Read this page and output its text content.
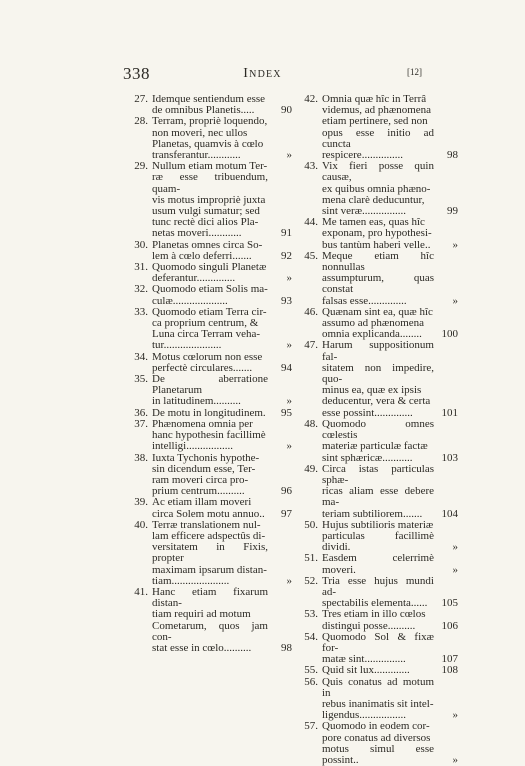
338	Index	[12]
27. Idemque sentiendum esse
de omnibus Planetis.....	90
28. Terram, propriè loquendo,
non moveri, nec ullos
Planetas, quamvis à cœlo
transferantur............	»
29. Nullum etiam motum Ter-
ræ esse tribuendum, quam-
vis motus impropriè juxta
usum vulgi sumatur; sed
tunc rectè dici alios Pla-
netas moveri............	91
30. Planetas omnes circa So-
lem à cœlo deferri.......	92
31. Quomodo singuli Planetæ
deferantur..............	»
32. Quomodo etiam Solis ma-
culæ....................	93
33. Quomodo etiam Terra cir-
ca proprium centrum, &
Luna circa Terram veha-
tur.....................	»
34. Motus cœlorum non esse
perfectè circulares.......	94
35. De aberratione Planetarum
in latitudinem..........	»
36. De motu in longitudinem.	95
37. Phænomena omnia per
hanc hypothesin facillimè
intelligi.................	»
38. Iuxta Tychonis hypothe-
sin dicendum esse, Ter-
ram moveri circa pro-
prium centrum..........	96
39. Ac etiam illam moveri
circa Solem motu annuo..	97
40. Terræ translationem nul-
lam efficere adspectûs di-
versitatem in Fixis, propter
maximam ipsarum distan-
tiam.....................	»
41. Hanc etiam fixarum distan-
tiam requiri ad motum
Cometarum, quos jam con-
stat esse in cœlo..........	98
42. Omnia quæ hîc in Terrâ
videmus, ad phænomena
etiam pertinere, sed non
opus esse initio ad cuncta
respicere...............	98
43. Vix fieri posse quin causæ,
ex quibus omnia phæno-
mena clarè deducuntur,
sint veræ................	99
44. Me tamen eas, quas hîc
exponam, pro hypothesi-
bus tantùm haberi velle..	»
45. Meque etiam hîc nonnullas
assumpturum, quas constat
falsas esse..............	»
46. Quænam sint ea, quæ hîc
assumo ad phænomena
omnia explicanda........	100
47. Harum suppositionum fal-
sitatem non impedire, quo-
minus ea, quæ ex ipsis
deducentur, vera & certa
esse possint..............	101
48. Quomodo omnes cœlestis
materiæ particulæ factæ
sint sphæricæ...........	103
49. Circa istas particulas sphæ-
ricas aliam esse debere ma-
teriam subtiliorem.......	104
50. Hujus subtilioris materiæ
particulas facillimè dividi.	»
51. Easdem celerrimè moveri.	»
52. Tria esse hujus mundi ad-
spectabilis elementa......	105
53. Tres etiam in illo cœlos
distingui posse..........	106
54. Quomodo Sol & fixæ for-
matæ sint...............	107
55. Quid sit lux.............	108
56. Quis conatus ad motum in
rebus inanimatis sit intel-
ligendus.................	»
57. Quomodo in eodem cor-
pore conatus ad diversos
motus simul esse possint..	»
